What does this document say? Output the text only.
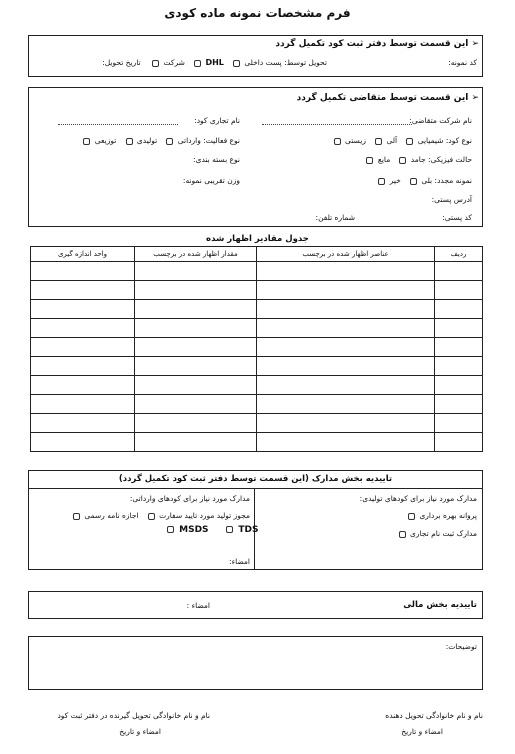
فرم مشخصات نمونه ماده کودی
➢ این قسمت توسط دفتر ثبت کود تکمیل گردد
کد نمونه:
تحویل توسط: پست داخلی    DHL    شرکت     تاریخ تحویل:
➢ این قسمت توسط متقاضی تکمیل گردد
نام شرکت متقاضی:
نام تجاری کود:
نوع کود: شیمیایی    آلی    زیستی
نوع فعالیت: وارداتی    تولیدی    توزیعی
حالت فیزیکی: جامد    مایع
نوع بسته بندی:
نمونه مجدد: بلی    خیر
وزن تقریبی نمونه:
آدرس پستی:
کد پستی:
شماره تلفن:
جدول مقادیر اظهار شده
ردیف	عناصر اظهار شده در برچسب	مقدار اظهار شده در برچسب	واحد اندازه گیری

تاییدیه بخش مدارک (این قسمت توسط دفتر ثبت کود تکمیل گردد)
مدارک مورد نیاز برای کودهای تولیدی:
پروانه بهره برداری
مدارک ثبت نام تجاری
مدارک مورد نیاز برای کودهای وارداتی:
مجوز تولید مورد تایید سفارت    اجازه نامه رسمی
MSDS	TDS
امضاء:
تاییدیه بخش مالی
امضاء :
توضیحات:
نام و نام خانوادگی تحویل دهنده
امضاء و تاریخ
نام و نام خانوادگی تحویل گیرنده در دفتر ثبت کود
امضاء و تاریخ
